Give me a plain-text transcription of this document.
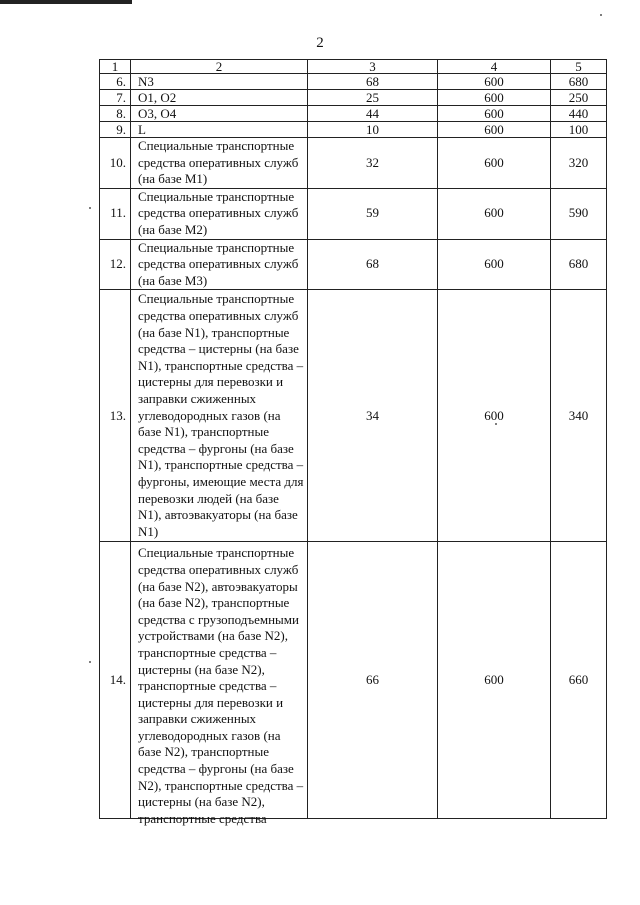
2
1	2	3	4	5
6.	N3	68	600	680
7.	O1, O2	25	600	250
8.	O3, O4	44	600	440
9.	L	10	600	100
10.	Специальные транспортные средства оперативных служб (на базе М1)	32	600	320
11.	Специальные транспортные средства оперативных служб (на базе М2)	59	600	590
12.	Специальные транспортные средства оперативных служб (на базе М3)	68	600	680
13.	Специальные транспортные средства оперативных служб (на базе N1), транспортные средства – цистерны (на базе N1), транспортные средства – цистерны для перевозки и заправки сжиженных углеводородных газов (на базе N1), транспортные средства – фургоны (на базе N1), транспортные средства – фургоны, имеющие места для перевозки людей (на базе N1), автоэвакуаторы (на базе N1)	34	600	340
14.	Специальные транспортные средства оперативных служб (на базе N2), автоэвакуаторы (на базе N2), транспортные средства с грузоподъемными устройствами (на базе N2), транспортные средства – цистерны (на базе N2), транспортные средства – цистерны для перевозки и заправки сжиженных углеводородных газов (на базе N2), транспортные средства – фургоны (на базе N2), транспортные средства – цистерны (на базе N2), транспортные средства	66	600	660
